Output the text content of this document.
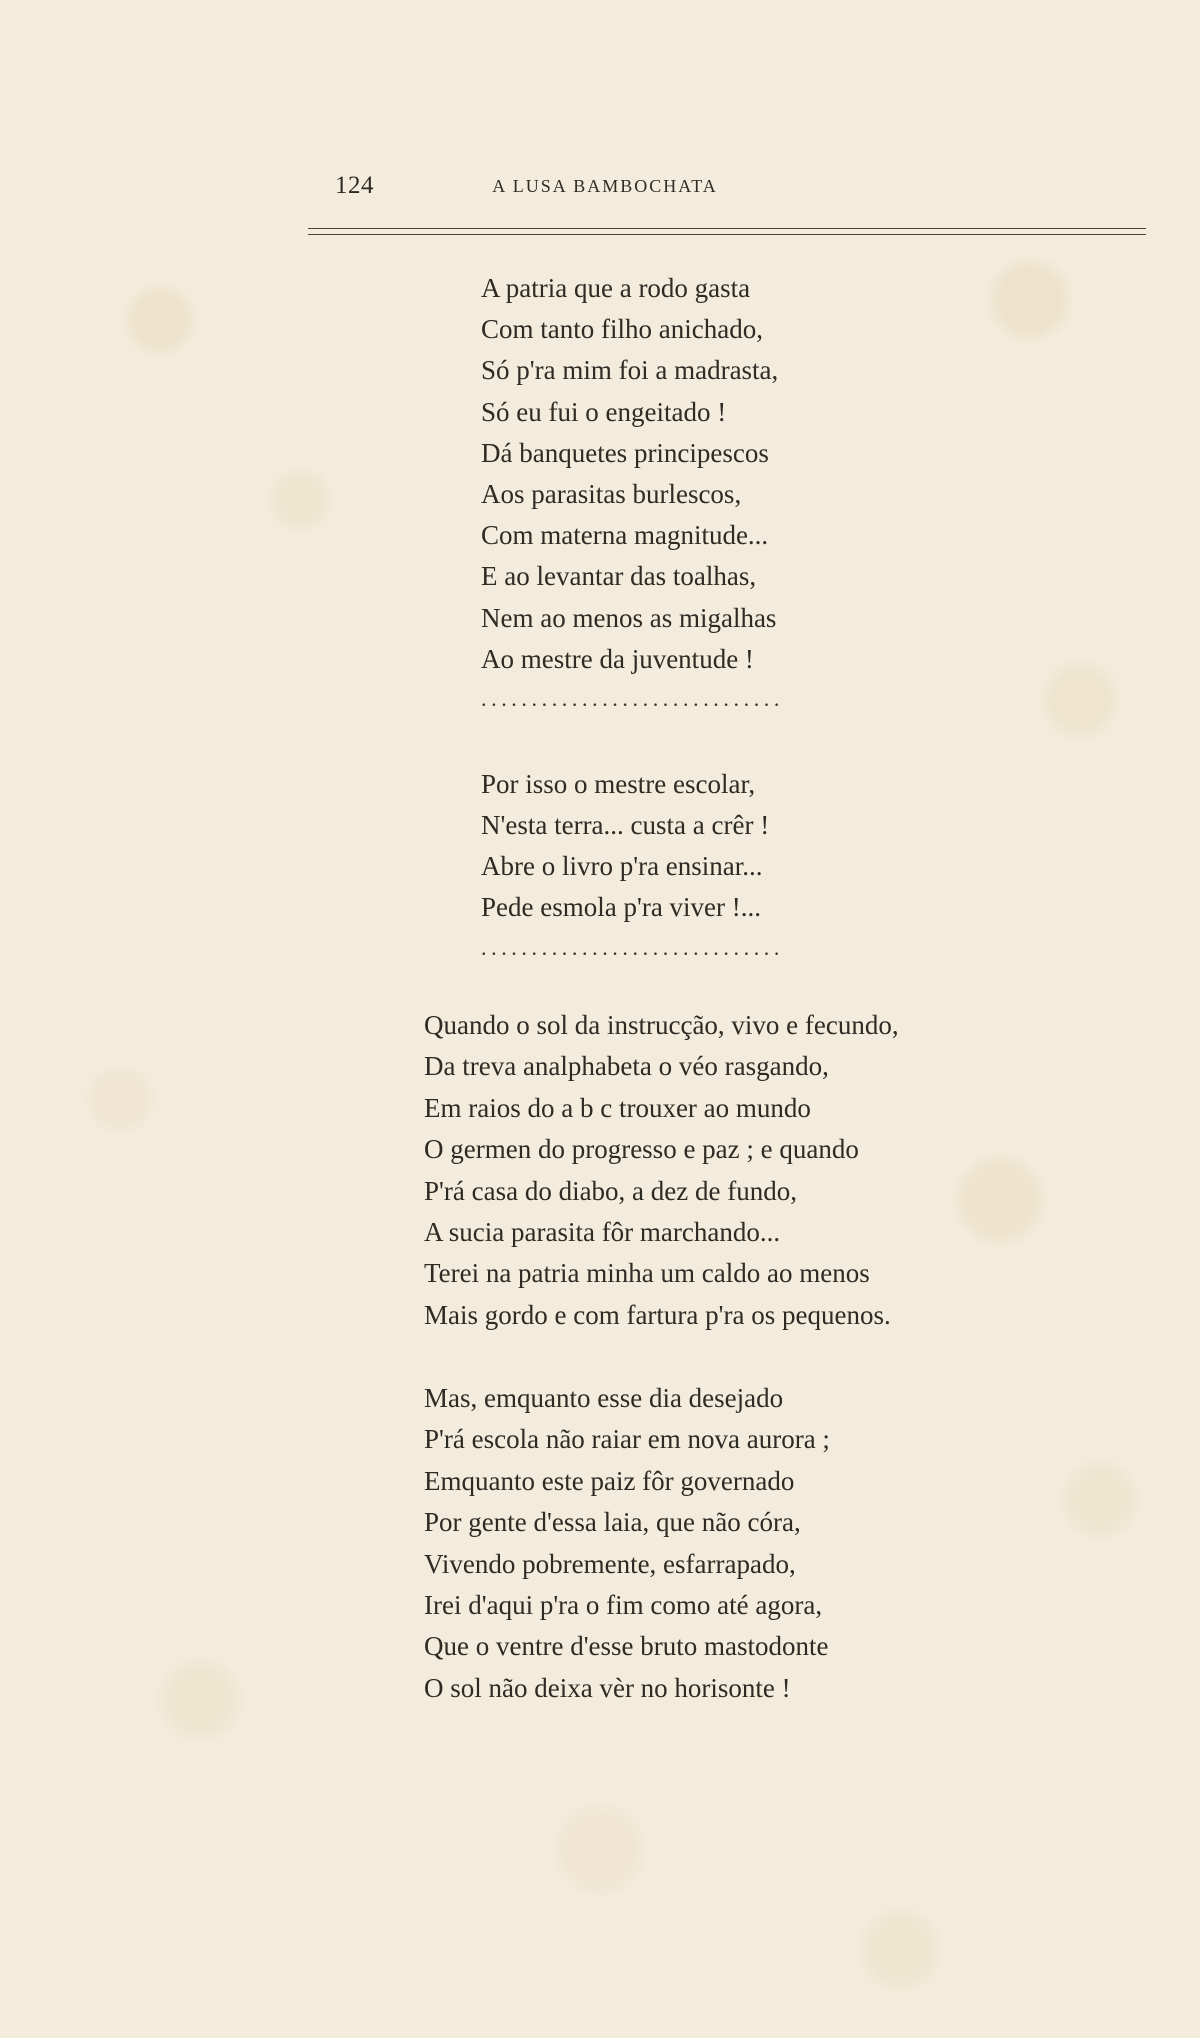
124	A LUSA BAMBOCHATA
A patria que a rodo gasta
Com tanto filho anichado,
Só p'ra mim foi a madrasta,
Só eu fui o engeitado !
Dá banquetes principescos
Aos parasitas burlescos,
Com materna magnitude...
E ao levantar das toalhas,
Nem ao menos as migalhas
Ao mestre da juventude !
..............................
Por isso o mestre escolar,
N'esta terra... custa a crêr !
Abre o livro p'ra ensinar...
Pede esmola p'ra viver !...
..............................
Quando o sol da instrucção, vivo e fecundo,
Da treva analphabeta o véo rasgando,
Em raios do a b c trouxer ao mundo
O germen do progresso e paz ; e quando
P'rá casa do diabo, a dez de fundo,
A sucia parasita fôr marchando...
Terei na patria minha um caldo ao menos
Mais gordo e com fartura p'ra os pequenos.
Mas, emquanto esse dia desejado
P'rá escola não raiar em nova aurora ;
Emquanto este paiz fôr governado
Por gente d'essa laia, que não córa,
Vivendo pobremente, esfarrapado,
Irei d'aqui p'ra o fim como até agora,
Que o ventre d'esse bruto mastodonte
O sol não deixa vèr no horisonte !
